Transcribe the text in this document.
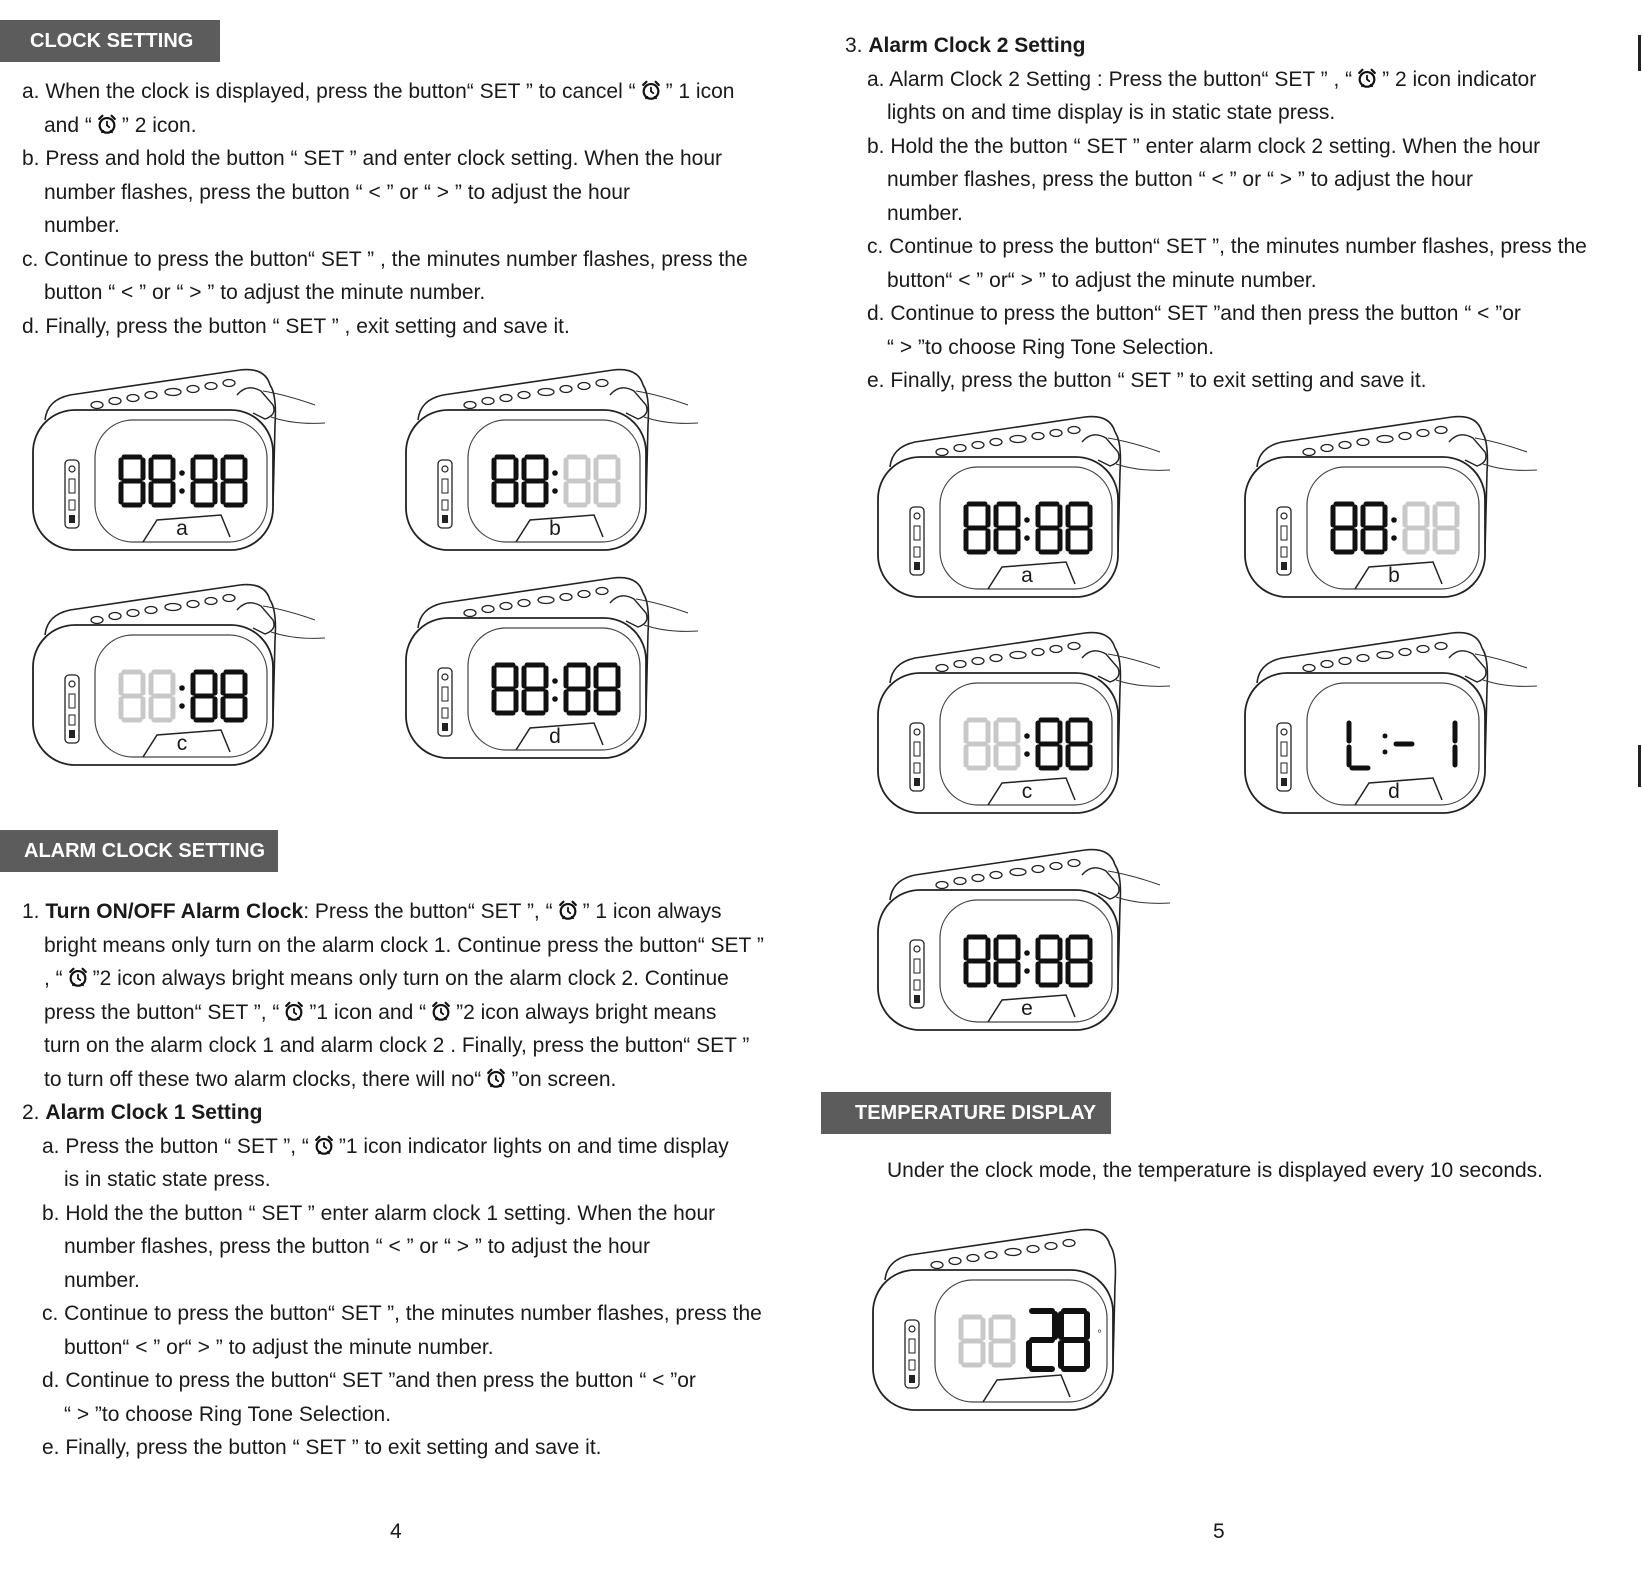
CLOCK SETTING

a. When the clock is displayed, press the button“ SET ” to cancel “ ” 1 icon

and “ ” 2 icon.

b. Press and hold the button “ SET ” and enter clock setting. When the hour

number flashes, press the button “ < ” or “ > ” to adjust the hour

number.

c. Continue to press the button“ SET ” , the minutes number flashes, press the

button “ < ” or “ > ” to adjust the minute number.

d. Finally, press the button “ SET ” , exit setting and save it.

a	b
c	d
ALARM CLOCK SETTING

1. Turn ON/OFF Alarm Clock: Press the button“ SET ”, “ ” 1 icon always

bright means only turn on the alarm clock 1. Continue press the button“ SET ”

, “ ”2 icon always bright means only turn on the alarm clock 2. Continue

press the button“ SET ”, “ ”1 icon and “ ”2 icon always bright means

turn on the alarm clock 1 and alarm clock 2 . Finally, press the button“ SET ”

to turn off these two alarm clocks, there will no“ ”on screen.

2. Alarm Clock 1 Setting

a. Press the button “ SET ”, “ ”1 icon indicator lights on and time display

is in static state press.

b. Hold the the button “ SET ” enter alarm clock 1 setting. When the hour

number flashes, press the button “ < ” or “ > ” to adjust the hour

number.

c. Continue to press the button“ SET ”, the minutes number flashes, press the

button“ < ” or“ > ” to adjust the minute number.

d. Continue to press the button“ SET ”and then press the button “ < ”or

“ > ”to choose Ring Tone Selection.

e. Finally, press the button “ SET ” to exit setting and save it.

4

3. Alarm Clock 2 Setting

a. Alarm Clock 2 Setting : Press the button“ SET ” , “ ” 2 icon indicator

lights on and time display is in static state press.

b. Hold the the button “ SET ” enter alarm clock 2 setting. When the hour

number flashes, press the button “ < ” or “ > ” to adjust the hour

number.

c. Continue to press the button“ SET ”, the minutes number flashes, press the

button“ < ” or“ > ” to adjust the minute number.

d. Continue to press the button“ SET ”and then press the button “ < ”or

“ > ”to choose Ring Tone Selection.

e. Finally, press the button “ SET ” to exit setting and save it.

a	b
c	d
e
TEMPERATURE DISPLAY

Under the clock mode, the temperature is displayed every 10 seconds.

°
5
